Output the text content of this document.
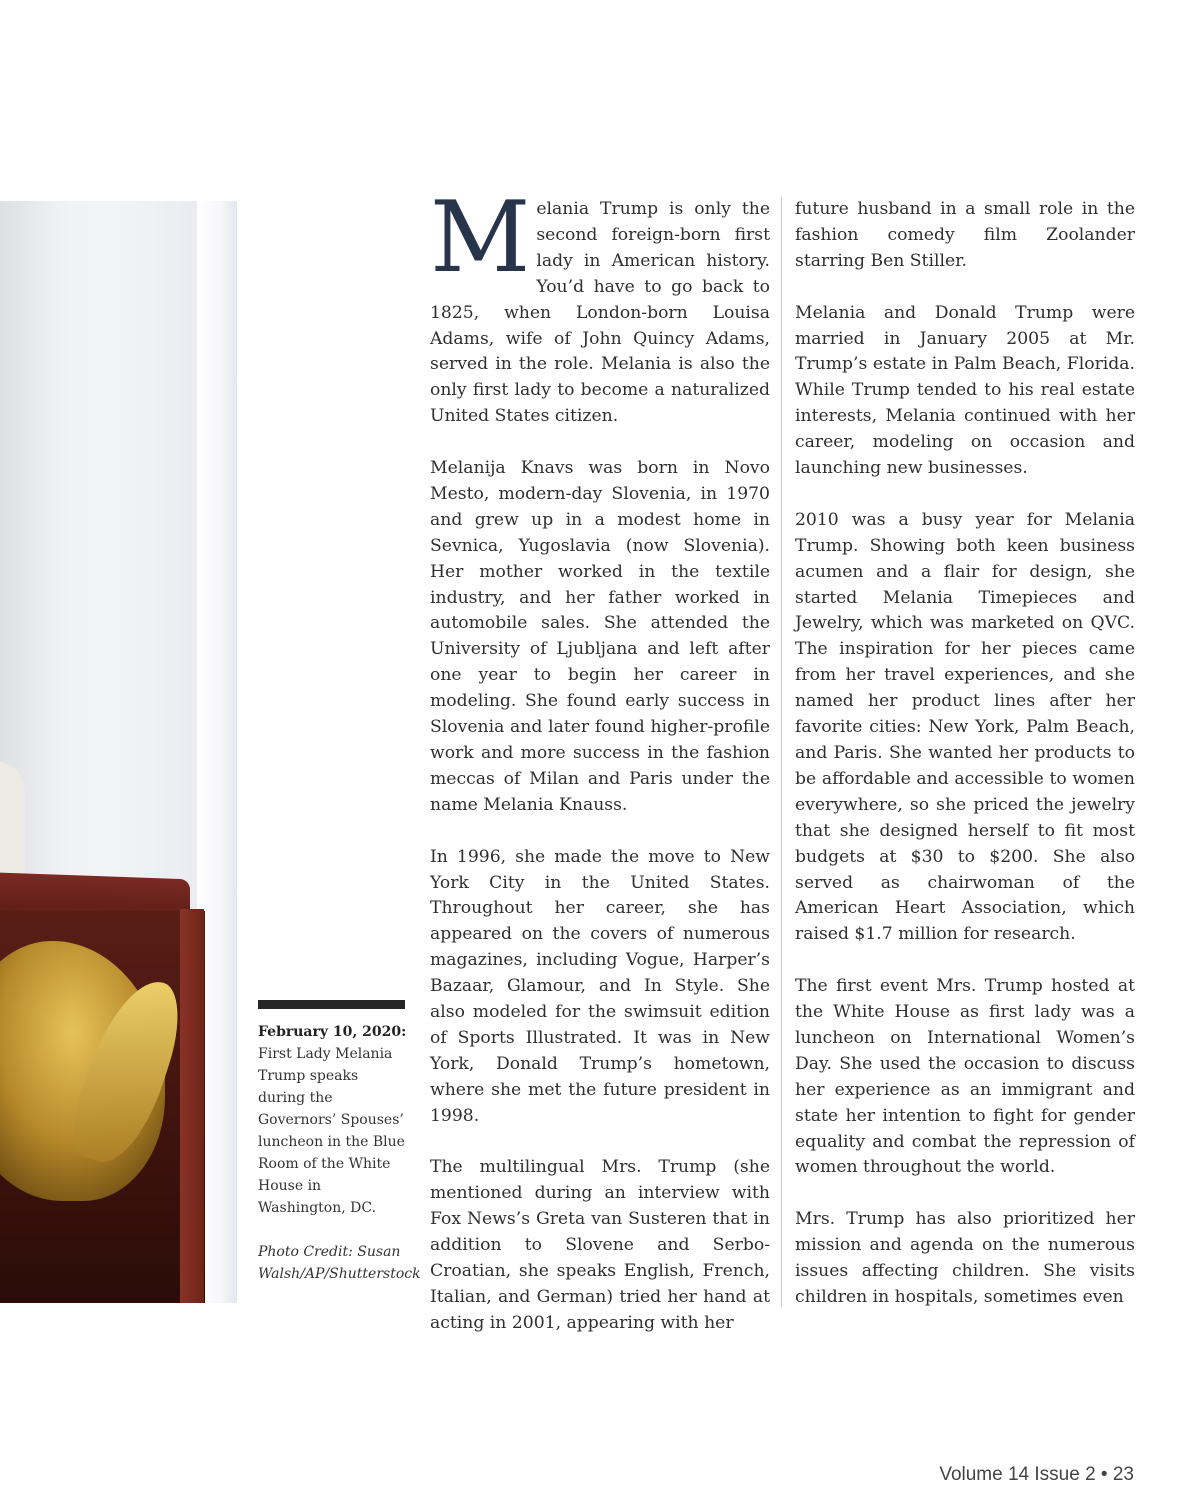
February 10, 2020: First Lady Melania Trump speaks during the Governors’ Spouses’ luncheon in the Blue Room of the White House in Washington, DC.
Photo Credit: Susan Walsh/AP/Shutterstock

Melania Trump is only the second foreign-born first lady in American history. You’d have to go back to 1825, when London-born Louisa Adams, wife of John Quincy Adams, served in the role. Melania is also the only first lady to become a naturalized United States citizen.

Melanija Knavs was born in Novo Mesto, modern-day Slovenia, in 1970 and grew up in a modest home in Sevnica, Yugoslavia (now Slovenia). Her mother worked in the textile industry, and her father worked in automobile sales. She attended the University of Ljubljana and left after one year to begin her career in modeling. She found early success in Slovenia and later found higher-profile work and more success in the fashion meccas of Milan and Paris under the name Melania Knauss.

In 1996, she made the move to New York City in the United States. Throughout her career, she has appeared on the covers of numerous magazines, including Vogue, Harper’s Bazaar, Glamour, and In Style. She also modeled for the swimsuit edition of Sports Illustrated. It was in New York, Donald Trump’s hometown, where she met the future president in 1998.

The multilingual Mrs. Trump (she mentioned during an interview with Fox News’s Greta van Susteren that in addition to Slovene and Serbo-Croatian, she speaks English, French, Italian, and German) tried her hand at acting in 2001, appearing with her

future husband in a small role in the fashion comedy film Zoolander starring Ben Stiller.

Melania and Donald Trump were married in January 2005 at Mr. Trump’s estate in Palm Beach, Florida. While Trump tended to his real estate interests, Melania continued with her career, modeling on occasion and launching new businesses.

2010 was a busy year for Melania Trump. Showing both keen business acumen and a flair for design, she started Melania Timepieces and Jewelry, which was marketed on QVC. The inspiration for her pieces came from her travel experiences, and she named her product lines after her favorite cities: New York, Palm Beach, and Paris. She wanted her products to be affordable and accessible to women everywhere, so she priced the jewelry that she designed herself to fit most budgets at $30 to $200. She also served as chairwoman of the American Heart Association, which raised $1.7 million for research.

The first event Mrs. Trump hosted at the White House as first lady was a luncheon on International Women’s Day. She used the occasion to discuss her experience as an immigrant and state her intention to fight for gender equality and combat the repression of women throughout the world.

Mrs. Trump has also prioritized her mission and agenda on the numerous issues affecting children. She visits children in hospitals, sometimes even

Volume 14 Issue 2 • 23
